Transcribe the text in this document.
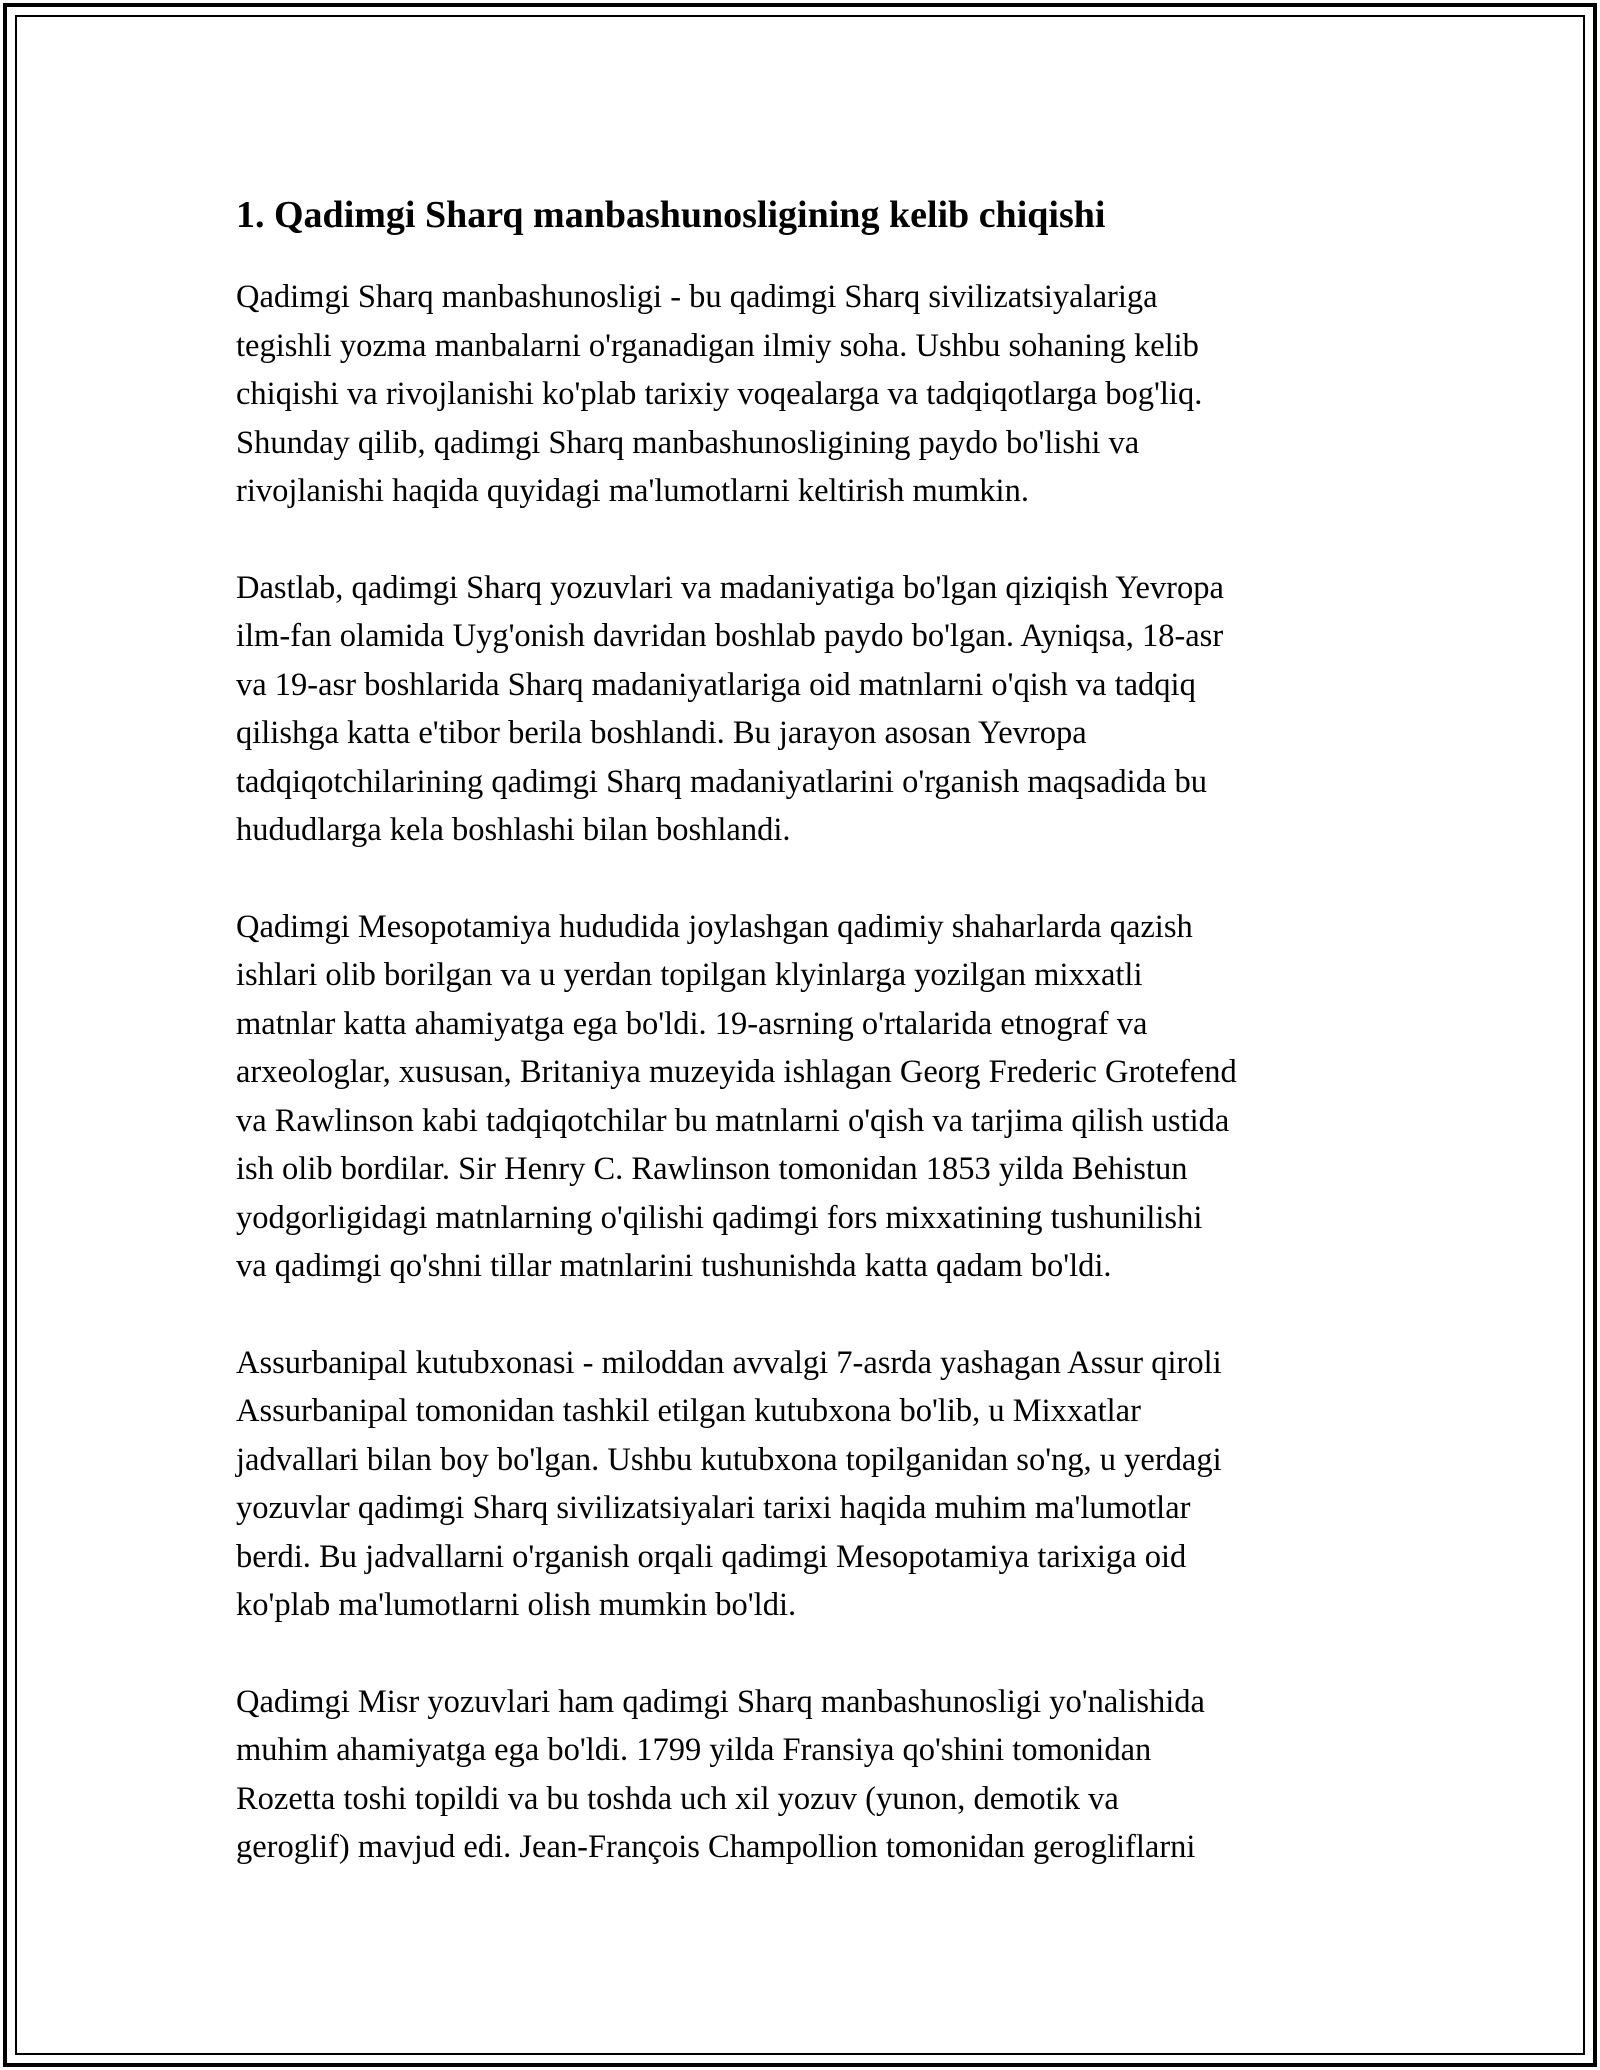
1. Qadimgi Sharq manbashunosligining kelib chiqishi

Qadimgi Sharq manbashunosligi - bu qadimgi Sharq sivilizatsiyalariga
tegishli yozma manbalarni o'rganadigan ilmiy soha. Ushbu sohaning kelib
chiqishi va rivojlanishi ko'plab tarixiy voqealarga va tadqiqotlarga bog'liq.
Shunday qilib, qadimgi Sharq manbashunosligining paydo bo'lishi va
rivojlanishi haqida quyidagi ma'lumotlarni keltirish mumkin.

Dastlab, qadimgi Sharq yozuvlari va madaniyatiga bo'lgan qiziqish Yevropa
ilm-fan olamida Uyg'onish davridan boshlab paydo bo'lgan. Ayniqsa, 18-asr
va 19-asr boshlarida Sharq madaniyatlariga oid matnlarni o'qish va tadqiq
qilishga katta e'tibor berila boshlandi. Bu jarayon asosan Yevropa
tadqiqotchilarining qadimgi Sharq madaniyatlarini o'rganish maqsadida bu
hududlarga kela boshlashi bilan boshlandi.

Qadimgi Mesopotamiya hududida joylashgan qadimiy shaharlarda qazish
ishlari olib borilgan va u yerdan topilgan klyinlarga yozilgan mixxatli
matnlar katta ahamiyatga ega bo'ldi. 19-asrning o'rtalarida etnograf va
arxeologlar, xususan, Britaniya muzeyida ishlagan Georg Frederic Grotefend
va Rawlinson kabi tadqiqotchilar bu matnlarni o'qish va tarjima qilish ustida
ish olib bordilar. Sir Henry C. Rawlinson tomonidan 1853 yilda Behistun
yodgorligidagi matnlarning o'qilishi qadimgi fors mixxatining tushunilishi
va qadimgi qo'shni tillar matnlarini tushunishda katta qadam bo'ldi.

Assurbanipal kutubxonasi - miloddan avvalgi 7-asrda yashagan Assur qiroli
Assurbanipal tomonidan tashkil etilgan kutubxona bo'lib, u Mixxatlar
jadvallari bilan boy bo'lgan. Ushbu kutubxona topilganidan so'ng, u yerdagi
yozuvlar qadimgi Sharq sivilizatsiyalari tarixi haqida muhim ma'lumotlar
berdi. Bu jadvallarni o'rganish orqali qadimgi Mesopotamiya tarixiga oid
ko'plab ma'lumotlarni olish mumkin bo'ldi.

Qadimgi Misr yozuvlari ham qadimgi Sharq manbashunosligi yo'nalishida
muhim ahamiyatga ega bo'ldi. 1799 yilda Fransiya qo'shini tomonidan
Rozetta toshi topildi va bu toshda uch xil yozuv (yunon, demotik va
geroglif) mavjud edi. Jean-François Champollion tomonidan gerogliflarni
